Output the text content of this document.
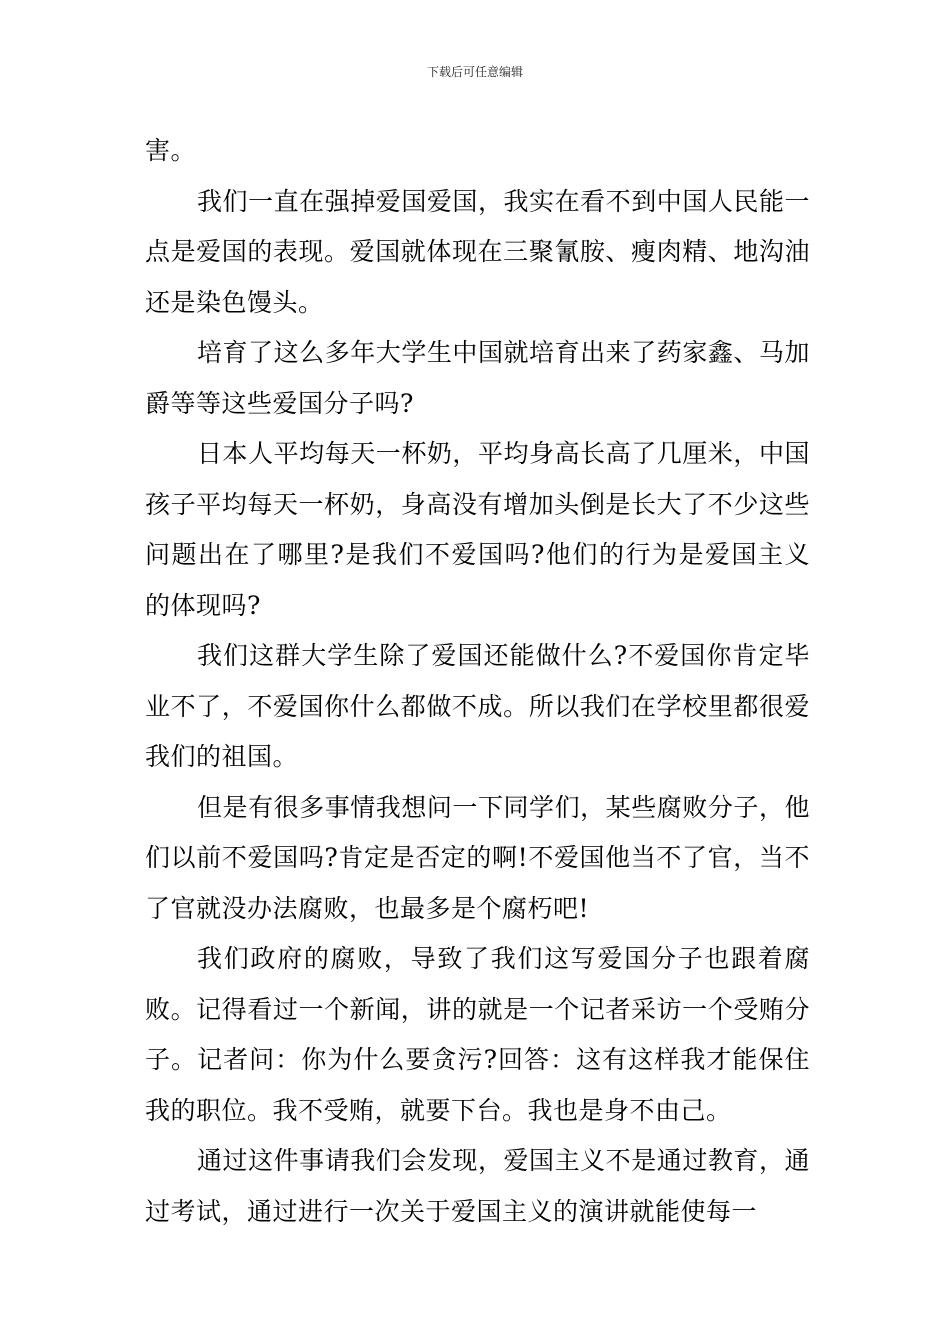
下载后可任意编辑

害。

我们一直在强掉爱国爱国，我实在看不到中国人民能一点是爱国的表现。爱国就体现在三聚氰胺、瘦肉精、地沟油还是染色馒头。

培育了这么多年大学生中国就培育出来了药家鑫、马加爵等等这些爱国分子吗?

日本人平均每天一杯奶，平均身高长高了几厘米，中国孩子平均每天一杯奶，身高没有增加头倒是长大了不少这些问题出在了哪里?是我们不爱国吗?他们的行为是爱国主义的体现吗?

我们这群大学生除了爱国还能做什么?不爱国你肯定毕业不了，不爱国你什么都做不成。所以我们在学校里都很爱我们的祖国。

但是有很多事情我想问一下同学们，某些腐败分子，他们以前不爱国吗?肯定是否定的啊!不爱国他当不了官，当不了官就没办法腐败，也最多是个腐朽吧!

我们政府的腐败，导致了我们这写爱国分子也跟着腐败。记得看过一个新闻，讲的就是一个记者采访一个受贿分子。记者问：你为什么要贪污?回答：这有这样我才能保住我的职位。我不受贿，就要下台。我也是身不由己。

通过这件事请我们会发现，爱国主义不是通过教育，通过考试，通过进行一次关于爱国主义的演讲就能使每一
